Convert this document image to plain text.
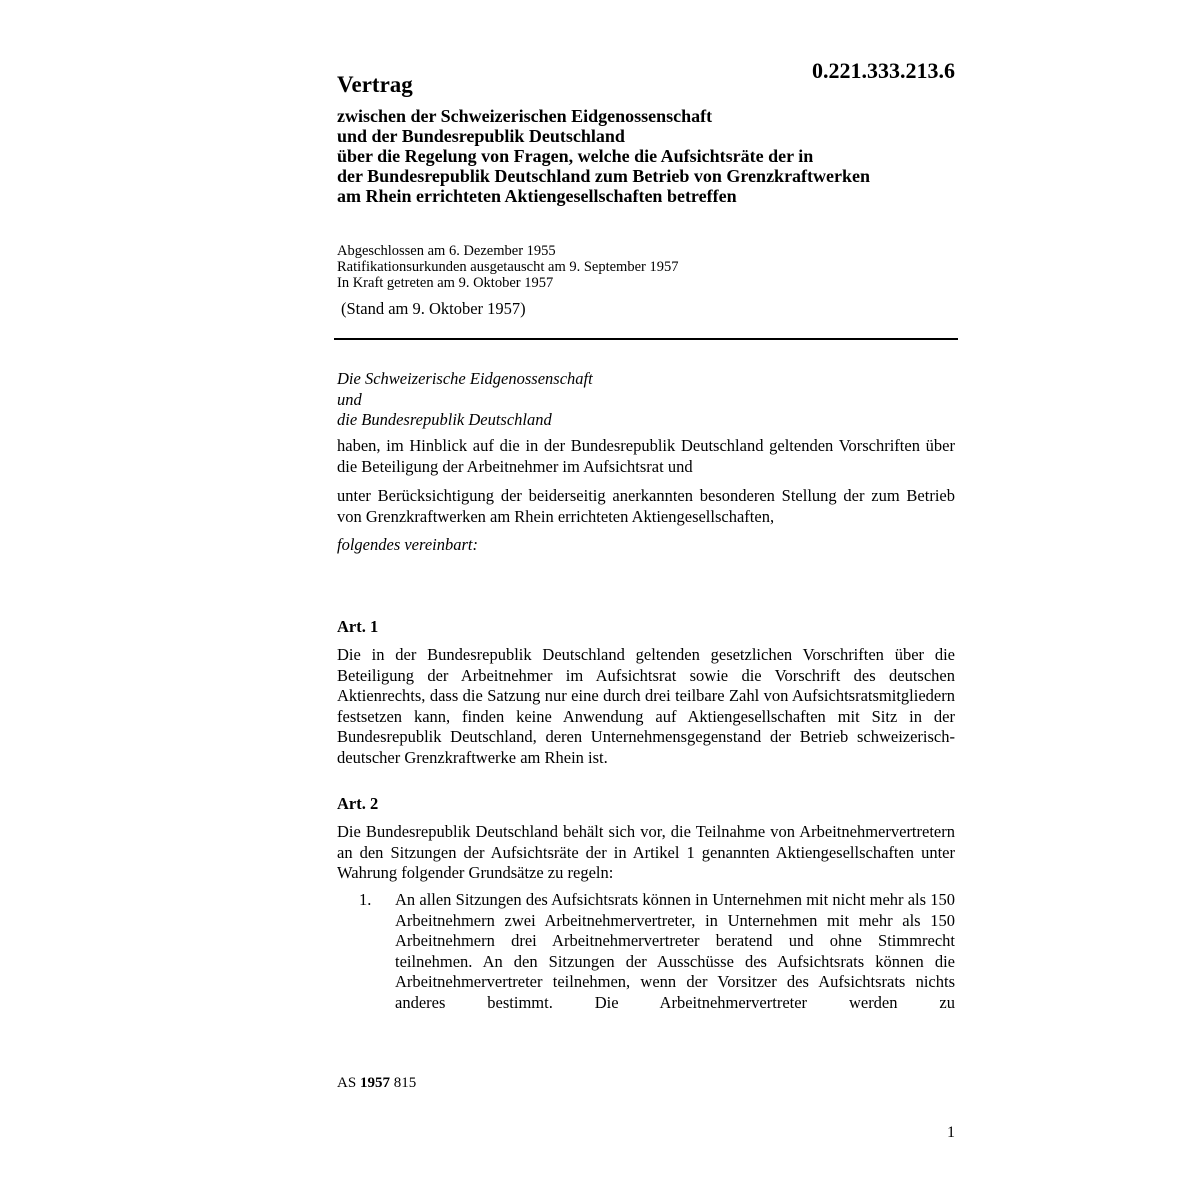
0.221.333.213.6
Vertrag
zwischen der Schweizerischen Eidgenossenschaft
und der Bundesrepublik Deutschland
über die Regelung von Fragen, welche die Aufsichtsräte der in
der Bundesrepublik Deutschland zum Betrieb von Grenzkraftwerken
am Rhein errichteten Aktiengesellschaften betreffen
Abgeschlossen am 6. Dezember 1955
Ratifikationsurkunden ausgetauscht am 9. September 1957
In Kraft getreten am 9. Oktober 1957
(Stand am 9. Oktober 1957)
Die Schweizerische Eidgenossenschaft
und
die Bundesrepublik Deutschland
haben, im Hinblick auf die in der Bundesrepublik Deutschland geltenden Vorschriften über die Beteiligung der Arbeitnehmer im Aufsichtsrat und
unter Berücksichtigung der beiderseitig anerkannten besonderen Stellung der zum Betrieb von Grenzkraftwerken am Rhein errichteten Aktiengesellschaften,
folgendes vereinbart:
Art. 1
Die in der Bundesrepublik Deutschland geltenden gesetzlichen Vorschriften über die Beteiligung der Arbeitnehmer im Aufsichtsrat sowie die Vorschrift des deutschen Aktienrechts, dass die Satzung nur eine durch drei teilbare Zahl von Aufsichtsratsmitgliedern festsetzen kann, finden keine Anwendung auf Aktiengesellschaften mit Sitz in der Bundesrepublik Deutschland, deren Unternehmensgegenstand der Betrieb schweizerisch-deutscher Grenzkraftwerke am Rhein ist.
Art. 2
Die Bundesrepublik Deutschland behält sich vor, die Teilnahme von Arbeitnehmervertretern an den Sitzungen der Aufsichtsräte der in Artikel 1 genannten Aktiengesellschaften unter Wahrung folgender Grundsätze zu regeln:
1. An allen Sitzungen des Aufsichtsrats können in Unternehmen mit nicht mehr als 150 Arbeitnehmern zwei Arbeitnehmervertreter, in Unternehmen mit mehr als 150 Arbeitnehmern drei Arbeitnehmervertreter beratend und ohne Stimmrecht teilnehmen. An den Sitzungen der Ausschüsse des Aufsichtsrats können die Arbeitnehmervertreter teilnehmen, wenn der Vorsitzer des Aufsichtsrats nichts anderes bestimmt. Die Arbeitnehmervertreter werden zu
AS 1957 815
1
